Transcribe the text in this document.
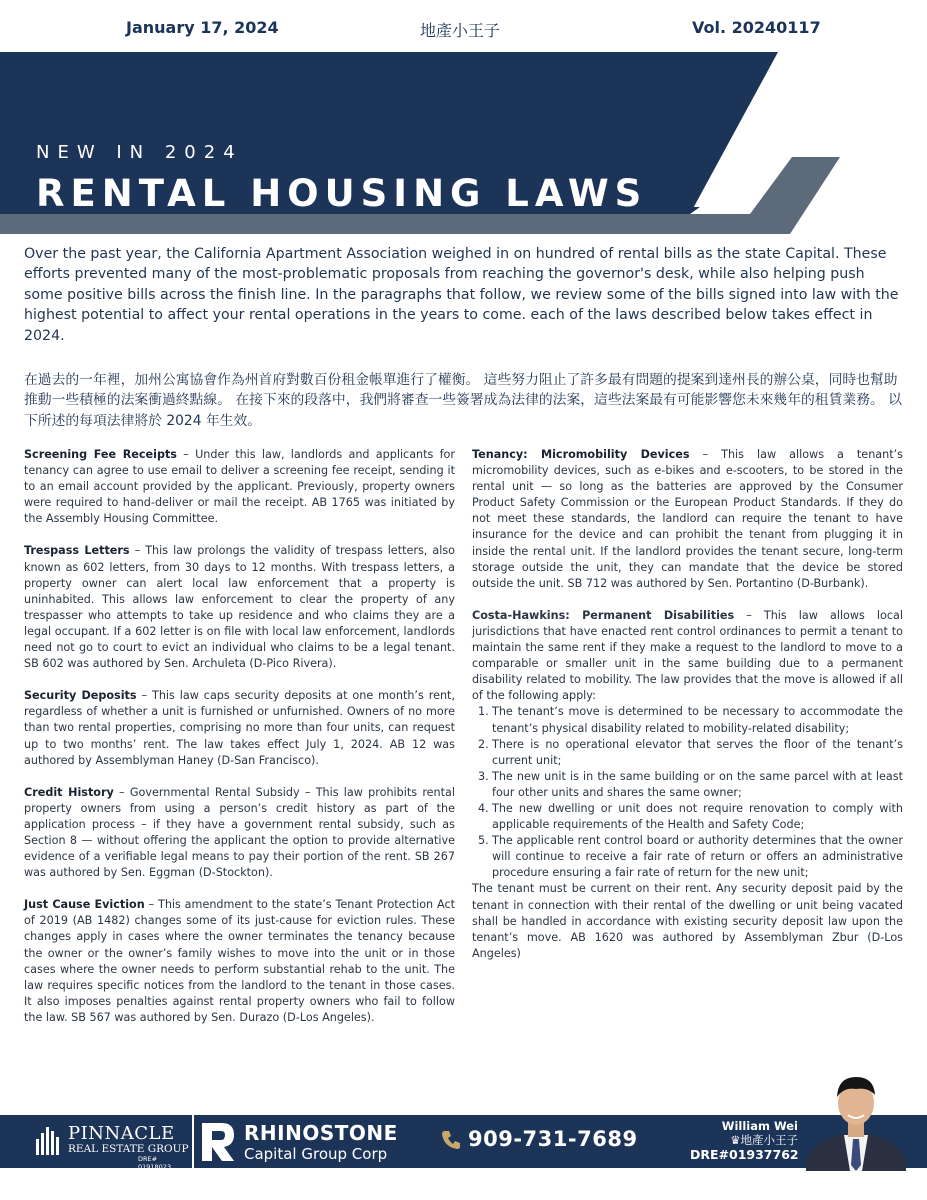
January 17, 2024	地產小王子	Vol. 20240117
NEW IN 2024
RENTAL HOUSING LAWS

Over the past year, the California Apartment Association weighed in on hundred of rental bills as the state Capital. These efforts prevented many of the most-problematic proposals from reaching the governor's desk, while also helping push some positive bills across the finish line. In the paragraphs that follow, we review some of the bills signed into law with the highest potential to affect your rental operations in the years to come. each of the laws described below takes effect in 2024.

在過去的一年裡，加州公寓協會作為州首府對數百份租金帳單進行了權衡。 這些努力阻止了許多最有問題的提案到達州長的辦公桌，同時也幫助推動一些積極的法案衝過終點線。 在接下來的段落中，我們將審查一些簽署成為法律的法案，這些法案最有可能影響您未來幾年的租賃業務。 以下所述的每項法律將於 2024 年生效。

Screening Fee Receipts – Under this law, landlords and applicants for tenancy can agree to use email to deliver a screening fee receipt, sending it to an email account provided by the applicant. Previously, property owners were required to hand-deliver or mail the receipt. AB 1765 was initiated by the Assembly Housing Committee.

Trespass Letters – This law prolongs the validity of trespass letters, also known as 602 letters, from 30 days to 12 months. With trespass letters, a property owner can alert local law enforcement that a property is uninhabited. This allows law enforcement to clear the property of any trespasser who attempts to take up residence and who claims they are a legal occupant. If a 602 letter is on file with local law enforcement, landlords need not go to court to evict an individual who claims to be a legal tenant. SB 602 was authored by Sen. Archuleta (D-Pico Rivera).

Security Deposits – This law caps security deposits at one month’s rent, regardless of whether a unit is furnished or unfurnished. Owners of no more than two rental properties, comprising no more than four units, can request up to two months’ rent. The law takes effect July 1, 2024. AB 12 was authored by Assemblyman Haney (D-San Francisco).

Credit History – Governmental Rental Subsidy – This law prohibits rental property owners from using a person’s credit history as part of the application process – if they have a government rental subsidy, such as Section 8 — without offering the applicant the option to provide alternative evidence of a verifiable legal means to pay their portion of the rent. SB 267 was authored by Sen. Eggman (D-Stockton).

Just Cause Eviction – This amendment to the state’s Tenant Protection Act of 2019 (AB 1482) changes some of its just-cause for eviction rules. These changes apply in cases where the owner terminates the tenancy because the owner or the owner’s family wishes to move into the unit or in those cases where the owner needs to perform substantial rehab to the unit. The law requires specific notices from the landlord to the tenant in those cases. It also imposes penalties against rental property owners who fail to follow the law. SB 567 was authored by Sen. Durazo (D-Los Angeles).

Tenancy: Micromobility Devices – This law allows a tenant’s micromobility devices, such as e-bikes and e-scooters, to be stored in the rental unit — so long as the batteries are approved by the Consumer Product Safety Commission or the European Product Standards. If they do not meet these standards, the landlord can require the tenant to have insurance for the device and can prohibit the tenant from plugging it in inside the rental unit. If the landlord provides the tenant secure, long-term storage outside the unit, they can mandate that the device be stored outside the unit. SB 712 was authored by Sen. Portantino (D-Burbank).

Costa-Hawkins: Permanent Disabilities – This law allows local jurisdictions that have enacted rent control ordinances to permit a tenant to maintain the same rent if they make a request to the landlord to move to a comparable or smaller unit in the same building due to a permanent disability related to mobility. The law provides that the move is allowed if all of the following apply:

1. The tenant’s move is determined to be necessary to accommodate the tenant’s physical disability related to mobility-related disability;
2. There is no operational elevator that serves the floor of the tenant’s current unit;
3. The new unit is in the same building or on the same parcel with at least four other units and shares the same owner;
4. The new dwelling or unit does not require renovation to comply with applicable requirements of the Health and Safety Code;
5. The applicable rent control board or authority determines that the owner will continue to receive a fair rate of return or offers an administrative procedure ensuring a fair rate of return for the new unit;

The tenant must be current on their rent. Any security deposit paid by the tenant in connection with their rental of the dwelling or unit being vacated shall be handled in accordance with existing security deposit law upon the tenant’s move. AB 1620 was authored by Assemblyman Zbur (D-Los Angeles)

PINNACLE
REAL ESTATE GROUP
DRE# 01918023
RHINOSTONE
Capital Group Corp
909-731-7689
William Wei
♛地產小王子
DRE#01937762
